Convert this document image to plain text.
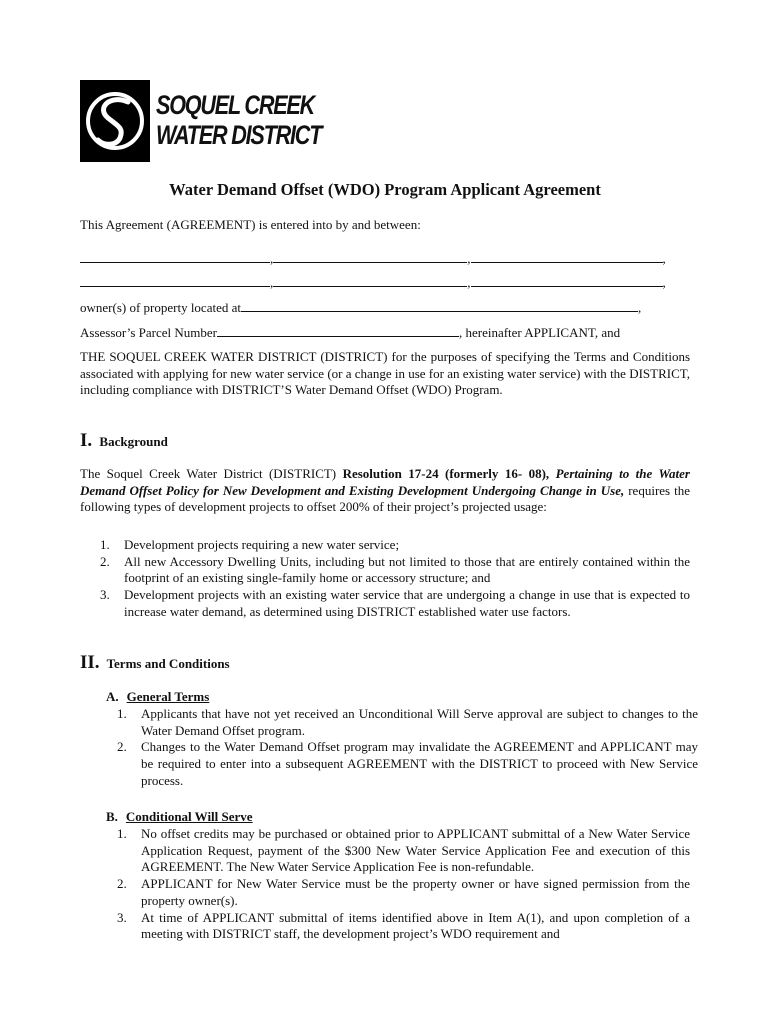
SOQUEL CREEK
WATER DISTRICT
Water Demand Offset (WDO) Program Applicant Agreement
This Agreement (AGREEMENT) is entered into by and between:
,	,	,
,	,	,
owner(s) of property located at	,
Assessor’s Parcel Number	, hereinafter APPLICANT, and
THE SOQUEL CREEK WATER DISTRICT (DISTRICT) for the purposes of specifying the Terms and Conditions associated with applying for new water service (or a change in use for an existing water service) with the DISTRICT, including compliance with DISTRICT’S Water Demand Offset (WDO) Program.
I. Background
The Soquel Creek Water District (DISTRICT) Resolution 17-24 (formerly 16- 08), Pertaining to the Water Demand Offset Policy for New Development and Existing Development Undergoing Change in Use, requires the following types of development projects to offset 200% of their project’s projected usage:
1. Development projects requiring a new water service;
2. All new Accessory Dwelling Units, including but not limited to those that are entirely contained within the footprint of an existing single-family home or accessory structure; and
3. Development projects with an existing water service that are undergoing a change in use that is expected to increase water demand, as determined using DISTRICT established water use factors.
II. Terms and Conditions
A. General Terms
1. Applicants that have not yet received an Unconditional Will Serve approval are subject to changes to the Water Demand Offset program.
2. Changes to the Water Demand Offset program may invalidate the AGREEMENT and APPLICANT may be required to enter into a subsequent AGREEMENT with the DISTRICT to proceed with New Service process.
B. Conditional Will Serve
1. No offset credits may be purchased or obtained prior to APPLICANT submittal of a New Water Service Application Request, payment of the $300 New Water Service Application Fee and execution of this AGREEMENT. The New Water Service Application Fee is non-refundable.
2. APPLICANT for New Water Service must be the property owner or have signed permission from the property owner(s).
3. At time of APPLICANT submittal of items identified above in Item A(1), and upon completion of a meeting with DISTRICT staff, the development project’s WDO requirement and
